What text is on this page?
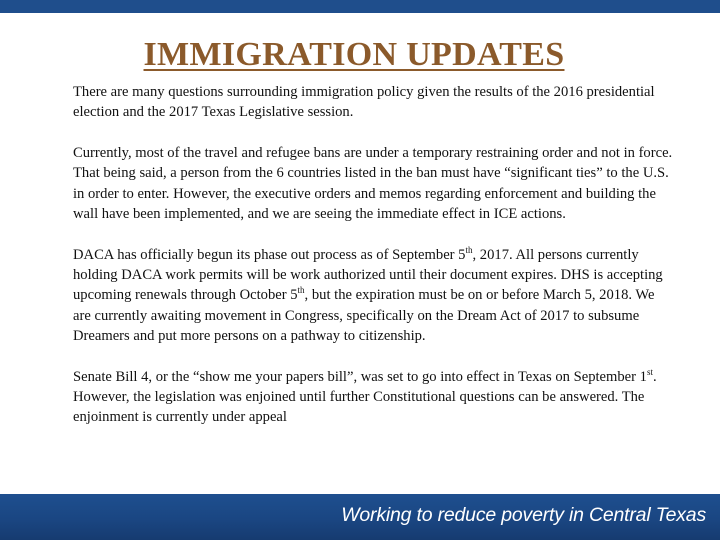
IMMIGRATION UPDATES

There are many questions surrounding immigration policy given the results of the 2016 presidential election and the 2017 Texas Legislative session.

Currently, most of the travel and refugee bans are under a temporary restraining order and not in force. That being said, a person from the 6 countries listed in the ban must have “significant ties” to the U.S. in order to enter. However, the executive orders and memos regarding enforcement and building the wall have been implemented, and we are seeing the immediate effect in ICE actions.

DACA has officially begun its phase out process as of September 5th, 2017. All persons currently holding DACA work permits will be work authorized until their document expires. DHS is accepting upcoming renewals through October 5th, but the expiration must be on or before March 5, 2018. We are currently awaiting movement in Congress, specifically on the Dream Act of 2017 to subsume Dreamers and put more persons on a pathway to citizenship.

Senate Bill 4, or the “show me your papers bill”, was set to go into effect in Texas on September 1st. However, the legislation was enjoined until further Constitutional questions can be answered. The enjoinment is currently under appeal

Working to reduce poverty in Central Texas
